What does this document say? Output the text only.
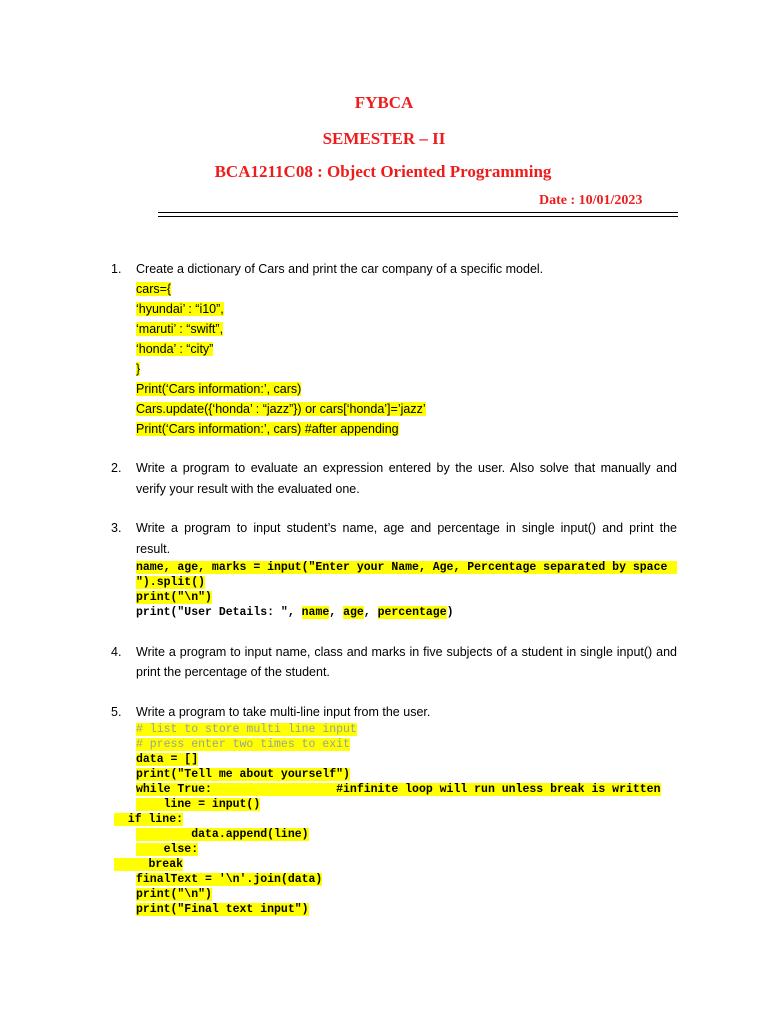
FYBCA
SEMESTER – II
BCA1211C08 : Object Oriented Programming
Date : 10/01/2023
1. Create a dictionary of Cars and print the car company of a specific model.
cars={
‘hyundai’ : “i10”,
‘maruti’ : “swift”,
‘honda’ : “city”
}
Print(‘Cars information:’, cars)
Cars.update({‘honda’ : “jazz”}) or cars[‘honda’]=’jazz’
Print(‘Cars information:’, cars) #after appending
2. Write a program to evaluate an expression entered by the user. Also solve that manually and
verify your result with the evaluated one.
3. Write a program to input student’s name, age and percentage in single input() and print the
result.
name, age, marks = input("Enter your Name, Age, Percentage separated by space
").split()
print("\n")
print("User Details: ", name, age, percentage)
4. Write a program to input name, class and marks in five subjects of a student in single input() and
print the percentage of the student.
5. Write a program to take multi-line input from the user.
# list to store multi line input
# press enter two times to exit
data = []
print("Tell me about yourself")
while True:                  #infinite loop will run unless break is written
line = input()
if line:
data.append(line)
else:
break
finalText = '\n'.join(data)
print("\n")
print("Final text input")
